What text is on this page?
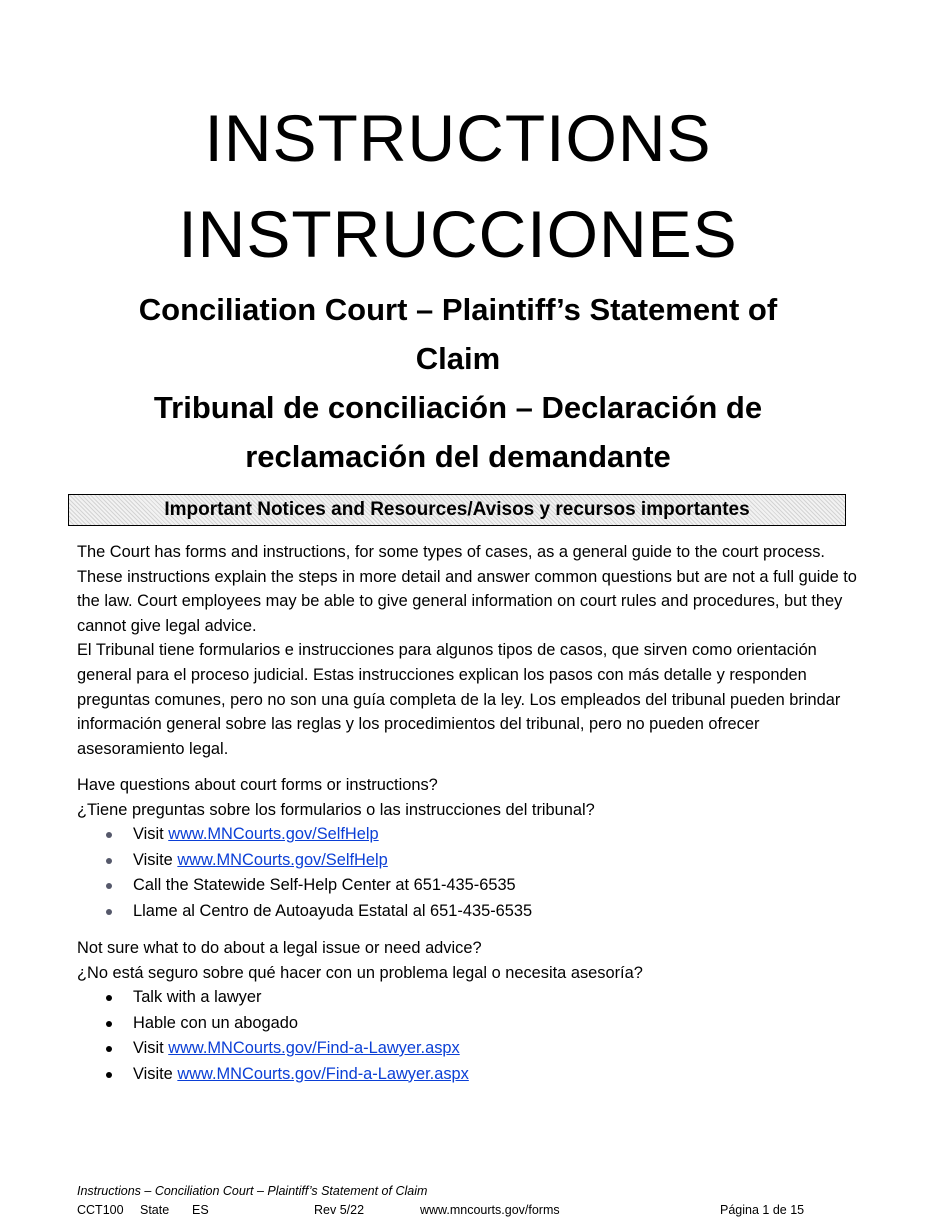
INSTRUCTIONS
INSTRUCCIONES
Conciliation Court – Plaintiff’s Statement of
Claim
Tribunal de conciliación – Declaración de
reclamación del demandante
Important Notices and Resources/Avisos y recursos importantes

The Court has forms and instructions, for some types of cases, as a general guide to the court process. These instructions explain the steps in more detail and answer common questions but are not a full guide to the law. Court employees may be able to give general information on court rules and procedures, but they cannot give legal advice.

El Tribunal tiene formularios e instrucciones para algunos tipos de casos, que sirven como orientación general para el proceso judicial. Estas instrucciones explican los pasos con más detalle y responden preguntas comunes, pero no son una guía completa de la ley. Los empleados del tribunal pueden brindar información general sobre las reglas y los procedimientos del tribunal, pero no pueden ofrecer asesoramiento legal.

Have questions about court forms or instructions?

¿Tiene preguntas sobre los formularios o las instrucciones del tribunal?

Visit www.MNCourts.gov/SelfHelp
Visite www.MNCourts.gov/SelfHelp
Call the Statewide Self-Help Center at 651-435-6535
Llame al Centro de Autoayuda Estatal al 651-435-6535

Not sure what to do about a legal issue or need advice?

¿No está seguro sobre qué hacer con un problema legal o necesita asesoría?

Talk with a lawyer
Hable con un abogado
Visit www.MNCourts.gov/Find-a-Lawyer.aspx
Visite www.MNCourts.gov/Find-a-Lawyer.aspx
Instructions – Conciliation Court – Plaintiff’s Statement of Claim
CCT100 State ES	Rev 5/22	www.mncourts.gov/forms	Página 1 de 15
